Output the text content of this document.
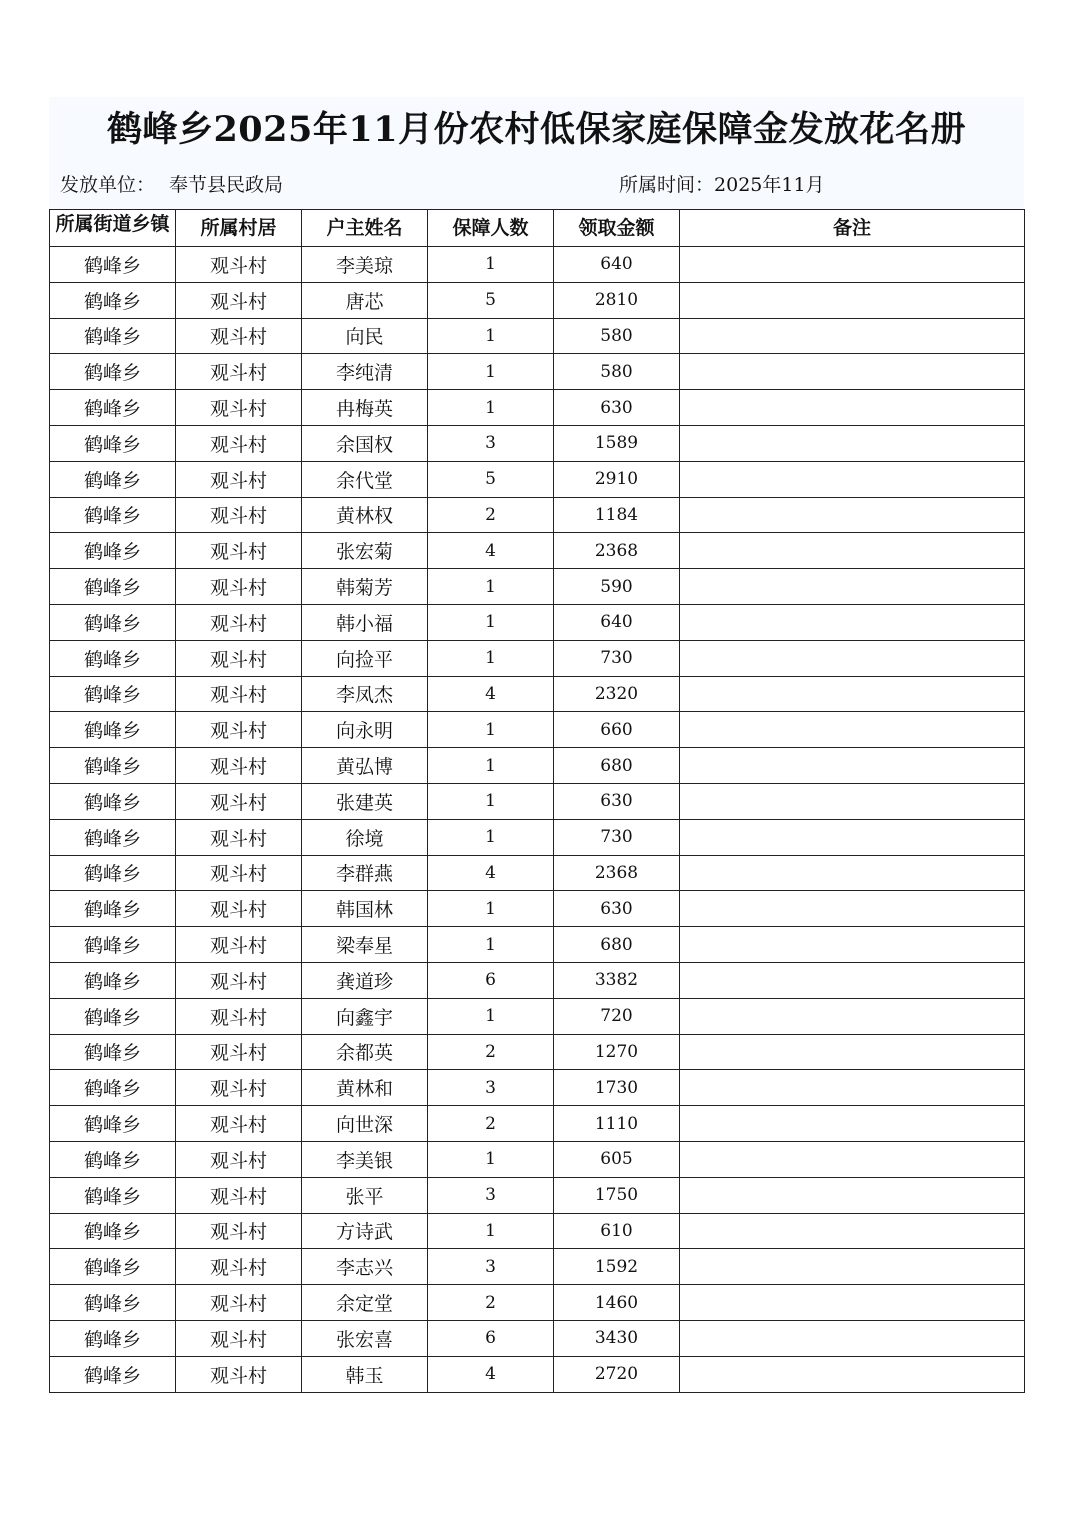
鹤峰乡2025年11月份农村低保家庭保障金发放花名册
发放单位： 奉节县民政局	所属时间：2025年11月
所属街道乡镇	所属村居	户主姓名	保障人数	领取金额	备注
鹤峰乡	观斗村	李美琼	1	640	
鹤峰乡	观斗村	唐芯	5	2810	
鹤峰乡	观斗村	向民	1	580	
鹤峰乡	观斗村	李纯清	1	580	
鹤峰乡	观斗村	冉梅英	1	630	
鹤峰乡	观斗村	余国权	3	1589	
鹤峰乡	观斗村	余代堂	5	2910	
鹤峰乡	观斗村	黄林权	2	1184	
鹤峰乡	观斗村	张宏菊	4	2368	
鹤峰乡	观斗村	韩菊芳	1	590	
鹤峰乡	观斗村	韩小福	1	640	
鹤峰乡	观斗村	向捡平	1	730	
鹤峰乡	观斗村	李凤杰	4	2320	
鹤峰乡	观斗村	向永明	1	660	
鹤峰乡	观斗村	黄弘博	1	680	
鹤峰乡	观斗村	张建英	1	630	
鹤峰乡	观斗村	徐境	1	730	
鹤峰乡	观斗村	李群燕	4	2368	
鹤峰乡	观斗村	韩国林	1	630	
鹤峰乡	观斗村	梁奉星	1	680	
鹤峰乡	观斗村	龚道珍	6	3382	
鹤峰乡	观斗村	向鑫宇	1	720	
鹤峰乡	观斗村	余都英	2	1270	
鹤峰乡	观斗村	黄林和	3	1730	
鹤峰乡	观斗村	向世深	2	1110	
鹤峰乡	观斗村	李美银	1	605	
鹤峰乡	观斗村	张平	3	1750	
鹤峰乡	观斗村	方诗武	1	610	
鹤峰乡	观斗村	李志兴	3	1592	
鹤峰乡	观斗村	余定堂	2	1460	
鹤峰乡	观斗村	张宏喜	6	3430	
鹤峰乡	观斗村	韩玉	4	2720	
